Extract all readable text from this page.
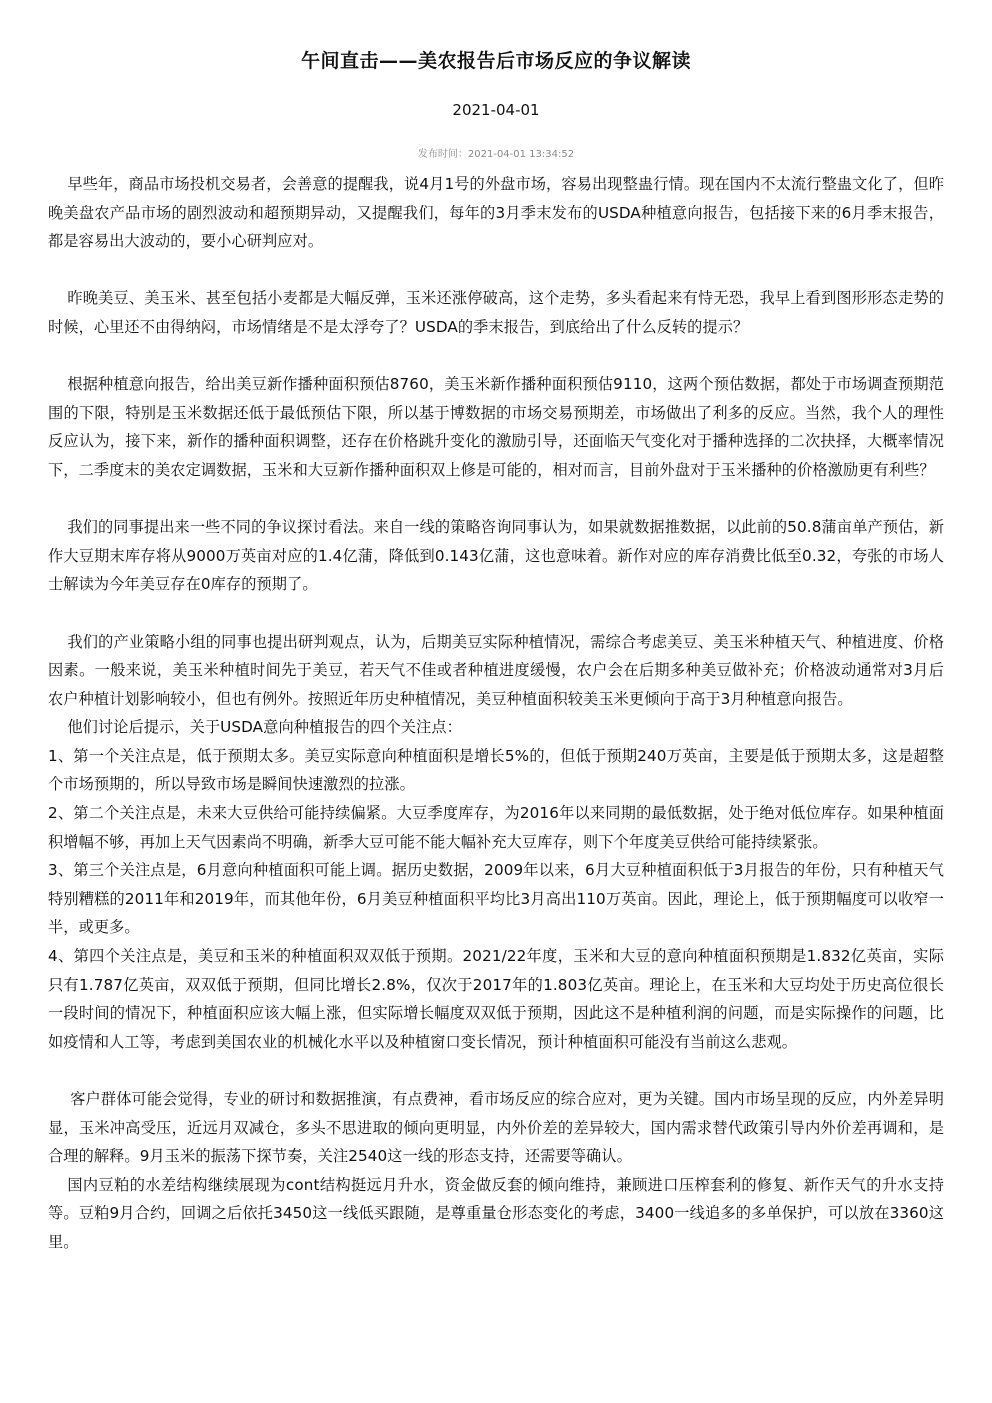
午间直击——美农报告后市场反应的争议解读
2021-04-01
发布时间：2021-04-01 13:34:52

早些年，商品市场投机交易者，会善意的提醒我，说4月1号的外盘市场，容易出现整蛊行情。现在国内不太流行整蛊文化了，但昨晚美盘农产品市场的剧烈波动和超预期异动，又提醒我们，每年的3月季末发布的USDA种植意向报告，包括接下来的6月季末报告，都是容易出大波动的，要小心研判应对。

昨晚美豆、美玉米、甚至包括小麦都是大幅反弹，玉米还涨停破高，这个走势，多头看起来有恃无恐，我早上看到图形形态走势的时候，心里还不由得纳闷，市场情绪是不是太浮夸了？USDA的季末报告，到底给出了什么反转的提示？

根据种植意向报告，给出美豆新作播种面积预估8760，美玉米新作播种面积预估9110，这两个预估数据，都处于市场调查预期范围的下限，特别是玉米数据还低于最低预估下限，所以基于博数据的市场交易预期差，市场做出了利多的反应。当然，我个人的理性反应认为，接下来，新作的播种面积调整，还存在价格跳升变化的激励引导，还面临天气变化对于播种选择的二次抉择，大概率情况下，二季度末的美农定调数据，玉米和大豆新作播种面积双上修是可能的，相对而言，目前外盘对于玉米播种的价格激励更有利些？

我们的同事提出来一些不同的争议探讨看法。来自一线的策略咨询同事认为，如果就数据推数据，以此前的50.8蒲亩单产预估，新作大豆期末库存将从9000万英亩对应的1.4亿蒲，降低到0.143亿蒲，这也意味着。新作对应的库存消费比低至0.32，夸张的市场人士解读为今年美豆存在0库存的预期了。

我们的产业策略小组的同事也提出研判观点，认为，后期美豆实际种植情况，需综合考虑美豆、美玉米种植天气、种植进度、价格因素。一般来说，美玉米种植时间先于美豆，若天气不佳或者种植进度缓慢，农户会在后期多种美豆做补充；价格波动通常对3月后农户种植计划影响较小，但也有例外。按照近年历史种植情况，美豆种植面积较美玉米更倾向于高于3月种植意向报告。

他们讨论后提示，关于USDA意向种植报告的四个关注点：

1、第一个关注点是，低于预期太多。美豆实际意向种植面积是增长5%的，但低于预期240万英亩，主要是低于预期太多，这是超整个市场预期的，所以导致市场是瞬间快速激烈的拉涨。

2、第二个关注点是，未来大豆供给可能持续偏紧。大豆季度库存，为2016年以来同期的最低数据，处于绝对低位库存。如果种植面积增幅不够，再加上天气因素尚不明确，新季大豆可能不能大幅补充大豆库存，则下个年度美豆供给可能持续紧张。

3、第三个关注点是，6月意向种植面积可能上调。据历史数据，2009年以来，6月大豆种植面积低于3月报告的年份，只有种植天气特别糟糕的2011年和2019年，而其他年份，6月美豆种植面积平均比3月高出110万英亩。因此，理论上，低于预期幅度可以收窄一半，或更多。

4、第四个关注点是，美豆和玉米的种植面积双双低于预期。2021/22年度，玉米和大豆的意向种植面积预期是1.832亿英亩，实际只有1.787亿英亩，双双低于预期，但同比增长2.8%，仅次于2017年的1.803亿英亩。理论上，在玉米和大豆均处于历史高位很长一段时间的情况下，种植面积应该大幅上涨，但实际增长幅度双双低于预期，因此这不是种植利润的问题，而是实际操作的问题，比如疫情和人工等，考虑到美国农业的机械化水平以及种植窗口变长情况，预计种植面积可能没有当前这么悲观。

客户群体可能会觉得，专业的研讨和数据推演，有点费神，看市场反应的综合应对，更为关键。国内市场呈现的反应，内外差异明显，玉米冲高受压，近远月双减仓，多头不思进取的倾向更明显，内外价差的差异较大，国内需求替代政策引导内外价差再调和，是合理的解释。9月玉米的振荡下探节奏，关注2540这一线的形态支持，还需要等确认。

国内豆粕的水差结构继续展现为cont结构挺远月升水，资金做反套的倾向维持，兼顾进口压榨套利的修复、新作天气的升水支持等。豆粕9月合约，回调之后依托3450这一线低买跟随，是尊重量仓形态变化的考虑，3400一线追多的多单保护，可以放在3360这里。
